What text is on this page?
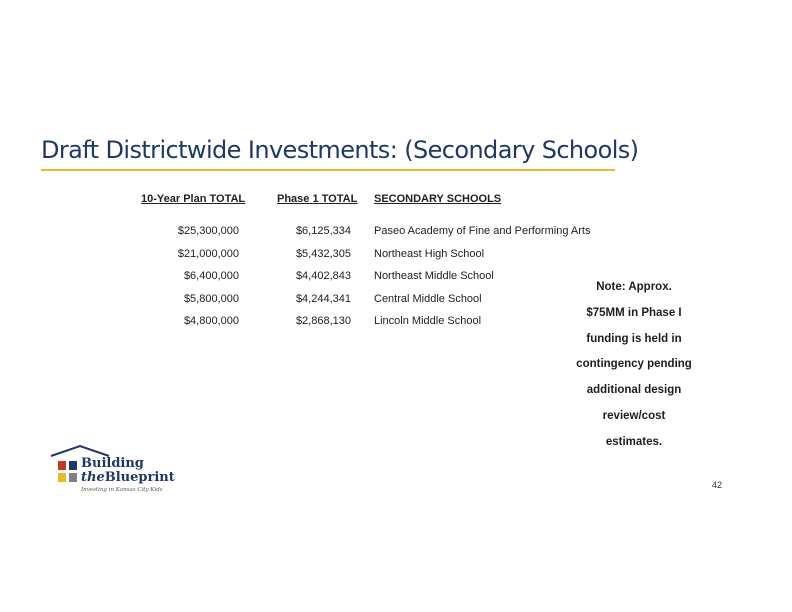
Draft Districtwide Investments: (Secondary Schools)
10-Year Plan TOTAL	Phase 1 TOTAL SECONDARY SCHOOLS
$25,300,000
$21,000,000
$6,400,000
$5,800,000
$4,800,000
$6,125,334
$5,432,305
$4,402,843
$4,244,341
$2,868,130
Paseo Academy of Fine and Performing Arts
Northeast High School
Northeast Middle School
Central Middle School
Lincoln Middle School
Note: Approx.
$75MM in Phase I
funding is held in
contingency pending
additional design
review/cost
estimates.
Building
theBlueprint
Investing in Kansas City Kids	42
